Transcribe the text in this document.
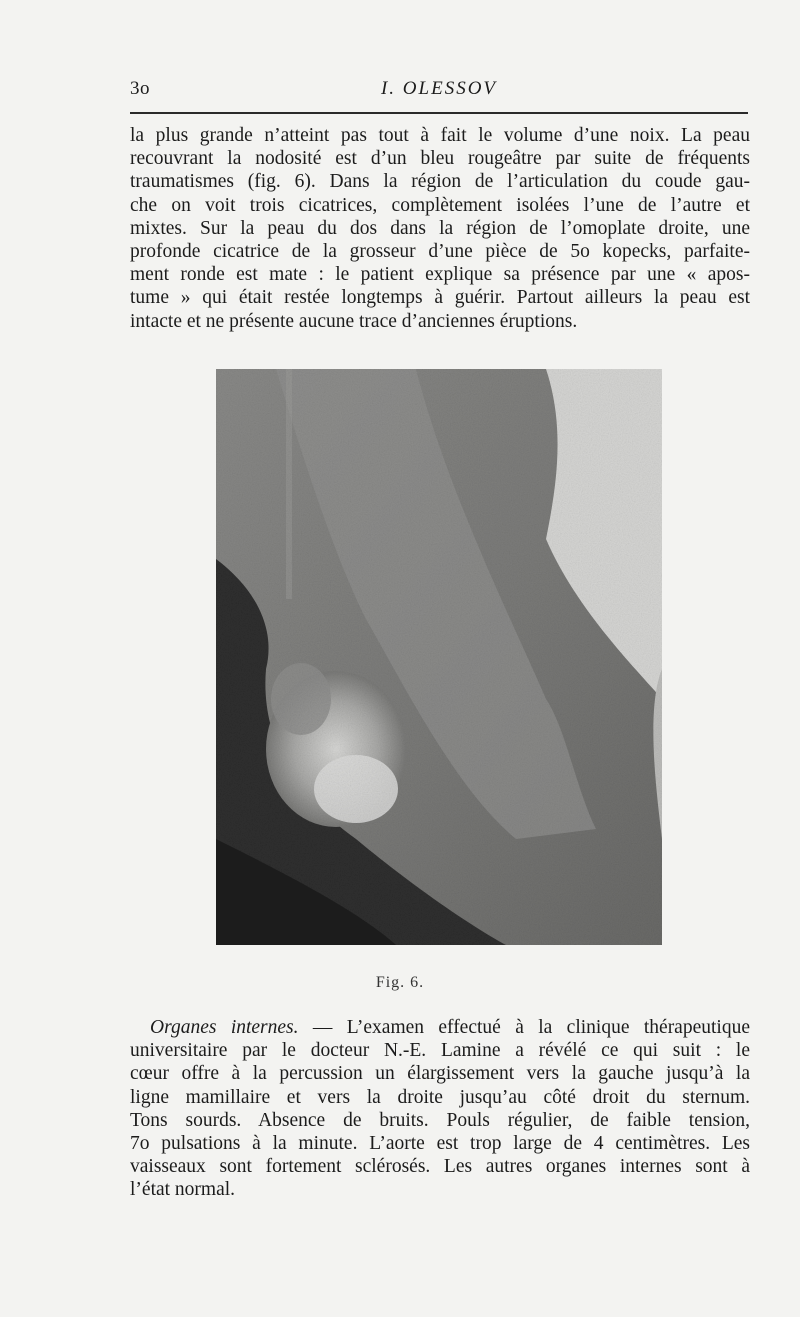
3o	I. OLESSOV

la plus grande n’atteint pas tout à fait le volume d’une noix. La peau
recouvrant la nodosité est d’un bleu rougeâtre par suite de fréquents
traumatismes (fig. 6). Dans la région de l’articulation du coude gau-
che on voit trois cicatrices, complètement isolées l’une de l’autre et
mixtes. Sur la peau du dos dans la région de l’omoplate droite, une
profonde cicatrice de la grosseur d’une pièce de 5o kopecks, parfaite-
ment ronde est mate : le patient explique sa présence par une « apos-
tume » qui était restée longtemps à guérir. Partout ailleurs la peau est
intacte et ne présente aucune trace d’anciennes éruptions.

Fig. 6.

Organes internes. — L’examen effectué à la clinique thérapeutique
universitaire par le docteur N.-E. Lamine a révélé ce qui suit : le
cœur offre à la percussion un élargissement vers la gauche jusqu’à la
ligne mamillaire et vers la droite jusqu’au côté droit du sternum.
Tons sourds. Absence de bruits. Pouls régulier, de faible tension,
7o pulsations à la minute. L’aorte est trop large de 4 centimètres. Les
vaisseaux sont fortement sclérosés. Les autres organes internes sont à
l’état normal.
